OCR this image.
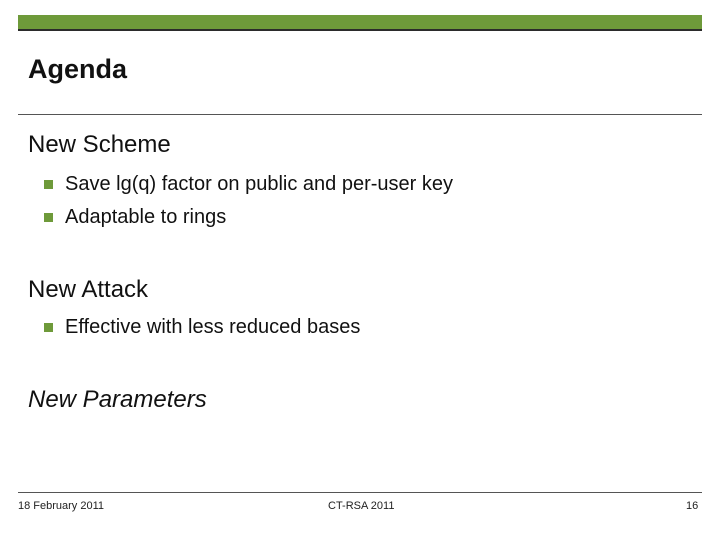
Agenda
New Scheme
Save lg(q) factor on public and per-user key
Adaptable to rings
New Attack
Effective with less reduced bases
New Parameters
18 February 2011	CT-RSA 2011	16
